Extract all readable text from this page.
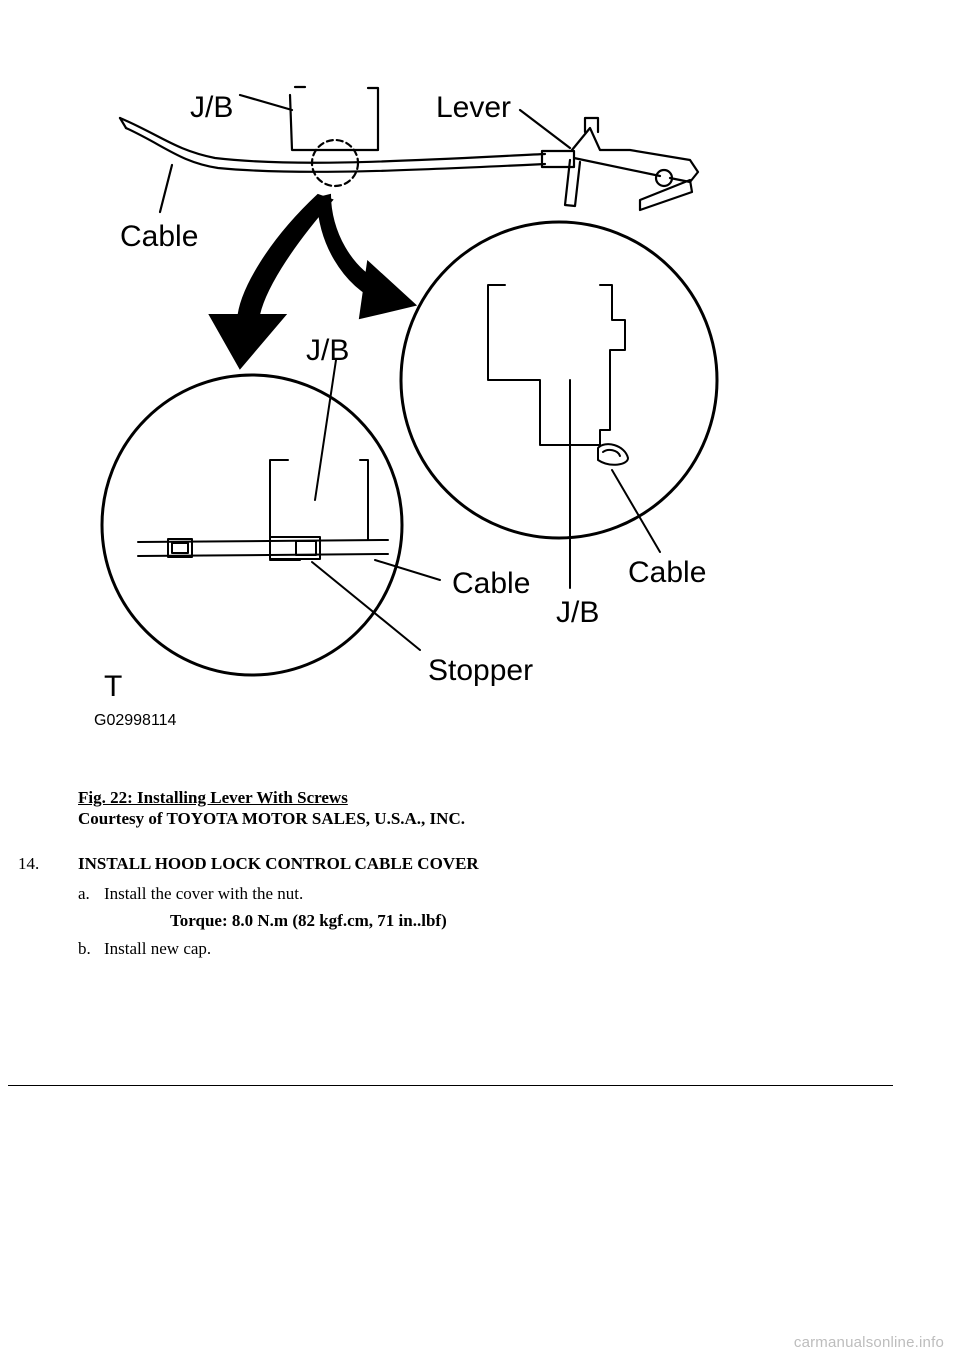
J/B	Lever
Cable
J/B
Cable
Stopper
Cable
J/B
T
G02998114
Fig. 22: Installing Lever With Screws
Courtesy of TOYOTA MOTOR SALES, U.S.A., INC.
14. INSTALL HOOD LOCK CONTROL CABLE COVER
a. Install the cover with the nut.
Torque: 8.0 N.m (82 kgf.cm, 71 in..lbf)
b. Install new cap.
carmanualsonline.info
